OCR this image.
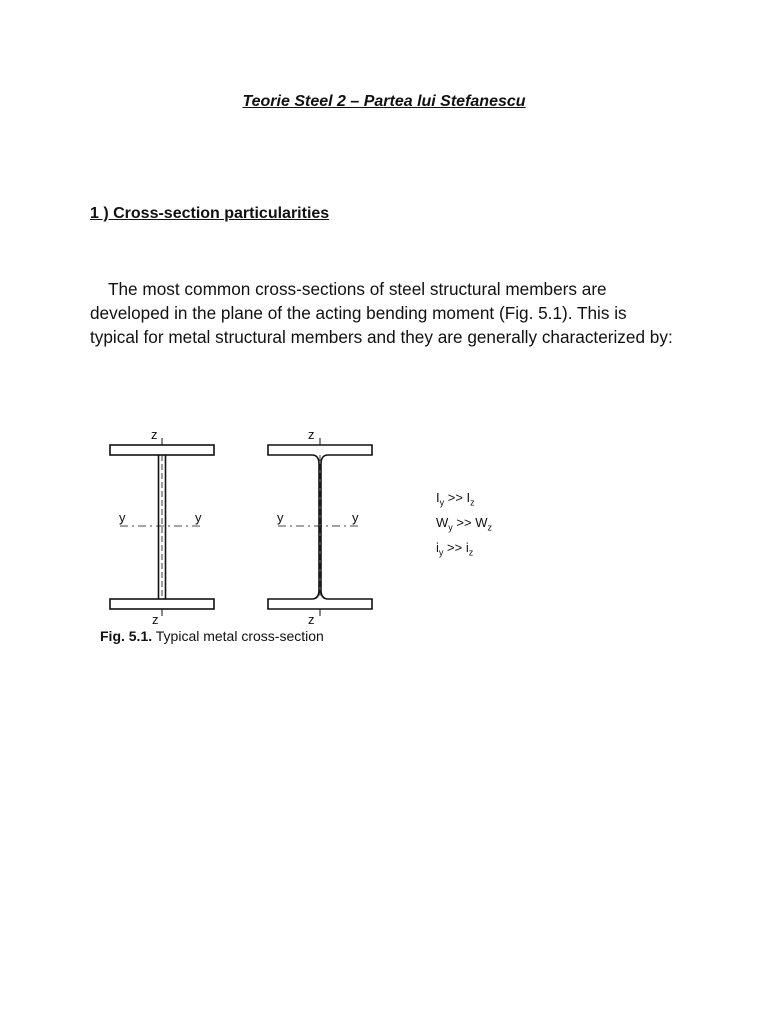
Teorie Steel 2 – Partea lui Stefanescu
1 ) Cross-section particularities
The most common cross-sections of steel structural members are developed in the plane of the acting bending moment (Fig. 5.1). This is typical for metal structural members and they are generally characterized by:
z
z
y	y
z
z
y	y
$I_y >> I_z$
$W_y >> W_z$
$i_y >> i_z$
Fig. 5.1. Typical metal cross-section
